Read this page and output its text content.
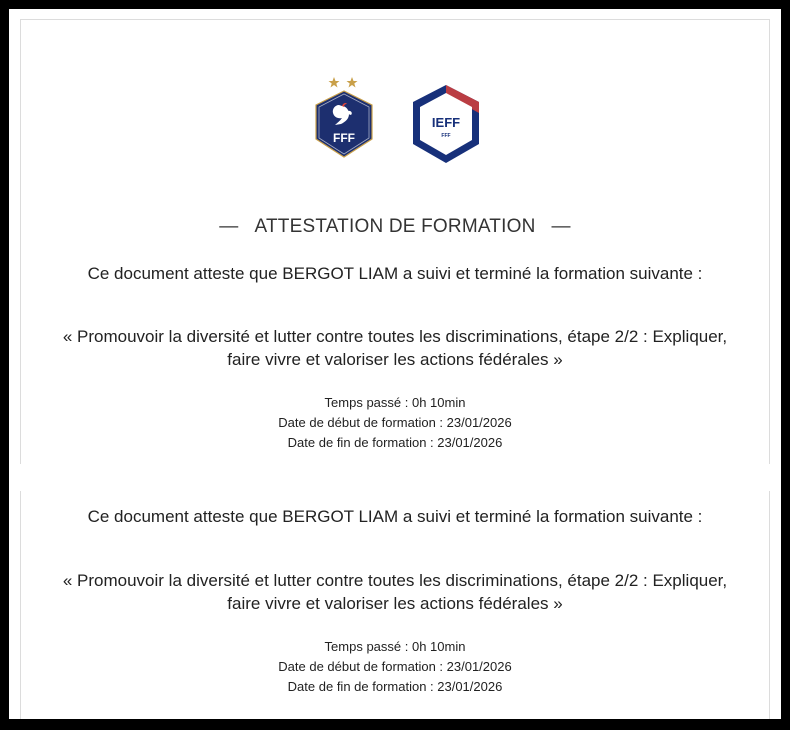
FFF
IEFF
FFF
— ATTESTATION DE FORMATION —
Ce document atteste que BERGOT LIAM a suivi et terminé la formation suivante :
« Promouvoir la diversité et lutter contre toutes les discriminations, étape 2/2 : Expliquer, faire vivre et valoriser les actions fédérales »
Temps passé : 0h 10min
Date de début de formation : 23/01/2026
Date de fin de formation : 23/01/2026
Ce document atteste que BERGOT LIAM a suivi et terminé la formation suivante :
« Promouvoir la diversité et lutter contre toutes les discriminations, étape 2/2 : Expliquer, faire vivre et valoriser les actions fédérales »
Temps passé : 0h 10min
Date de début de formation : 23/01/2026
Date de fin de formation : 23/01/2026
